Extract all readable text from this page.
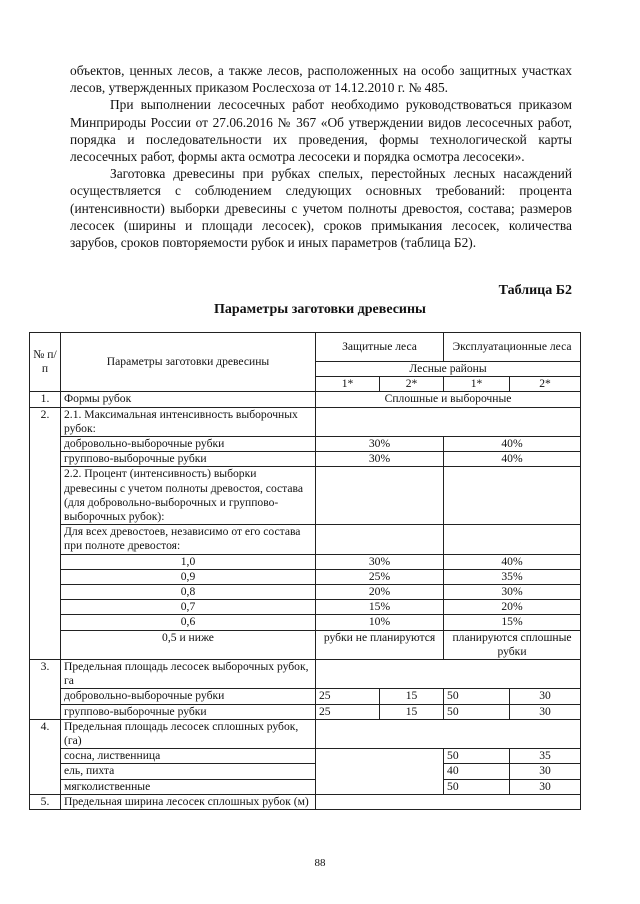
объектов, ценных лесов, а также лесов, расположенных на особо защитных участках лесов, утвержденных приказом Рослесхоза от 14.12.2010 г. № 485.

При выполнении лесосечных работ необходимо руководствоваться приказом Минприроды России от 27.06.2016 № 367 «Об утверждении видов лесосечных работ, порядка и последовательности их проведения, формы технологической карты лесосечных работ, формы акта осмотра лесосеки и порядка осмотра лесосеки».

Заготовка древесины при рубках спелых, перестойных лесных насаждений осуществляется с соблюдением следующих основных требований: процента (интенсивности) выборки древесины с учетом полноты древостоя, состава; размеров лесосек (ширины и площади лесосек), сроков примыкания лесосек, количества зарубов, сроков повторяемости рубок и иных параметров (таблица Б2).

Таблица Б2
Параметры заготовки древесины
№ п/п	Параметры заготовки древесины	Защитные леса		Эксплуатационные леса	
		Лесные районы			
		1*	2*	1*	2*
1.	Формы рубок	Сплошные и выборочные			
2.	2.1. Максимальная интенсивность выборочных рубок:				
	добровольно-выборочные рубки	30%		40%	
	группово-выборочные рубки	30%		40%	
	2.2. Процент (интенсивность) выборки древесины с учетом полноты древостоя, состава (для добровольно-выборочных и группово-выборочных рубок):				
	Для всех древостоев, независимо от его состава при полноте древостоя:				
	1,0	30%		40%	
	0,9	25%		35%	
	0,8	20%		30%	
	0,7	15%		20%	
	0,6	10%		15%	
	0,5 и ниже	рубки не планируются		планируются сплошные рубки	
3.	Предельная площадь лесосек выборочных рубок, га				
	добровольно-выборочные рубки	25	15	50	30
	группово-выборочные рубки	25	15	50	30
4.	Предельная площадь лесосек сплошных рубок, (га)				
	сосна, лиственница			50	35
	ель, пихта			40	30
	мягколиственные			50	30
5.	Предельная ширина лесосек сплошных рубок (м)				
88
